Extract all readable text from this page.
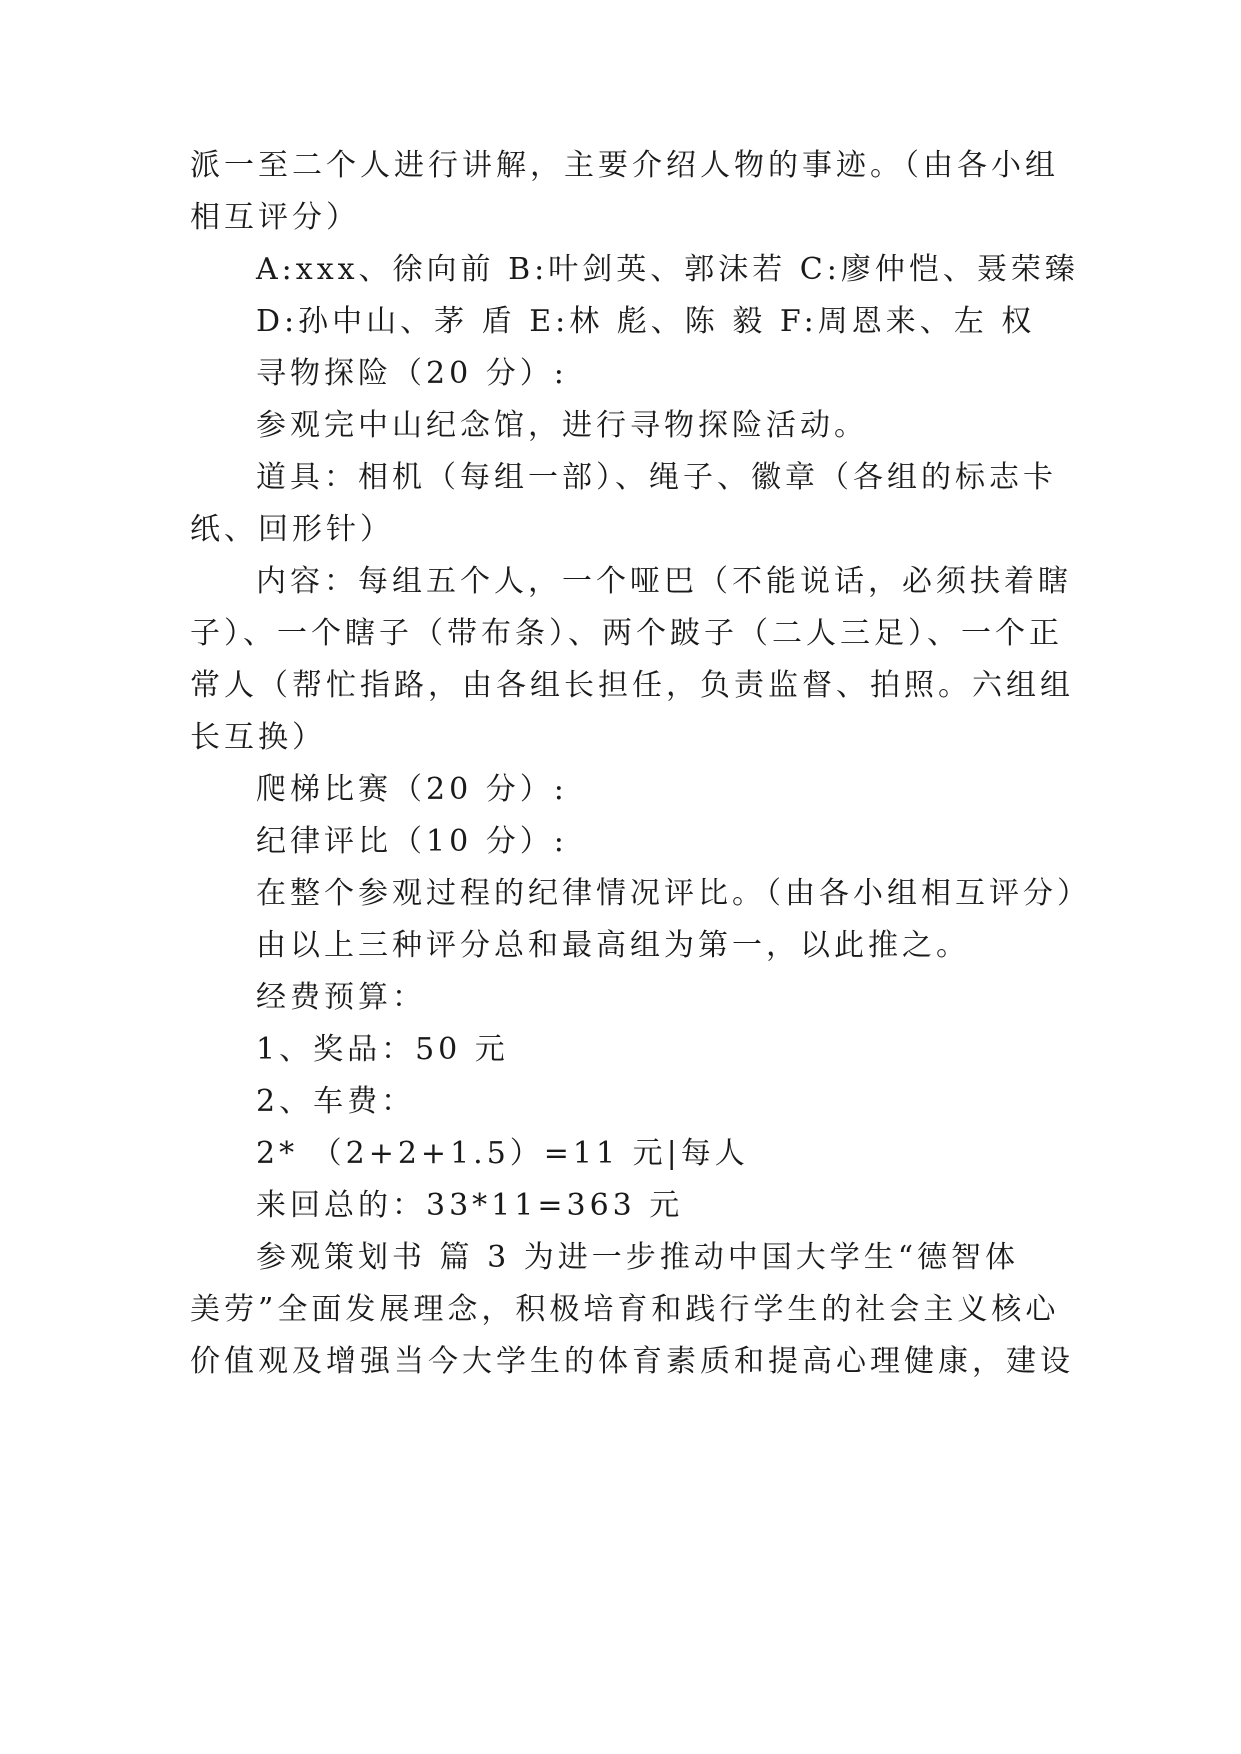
派一至二个人进行讲解，主要介绍人物的事迹。（由各小组
相互评分）
A:xxx、徐向前 B:叶剑英、郭沫若 C:廖仲恺、聂荣臻
D:孙中山、茅 盾 E:林 彪、陈 毅 F:周恩来、左 权
寻物探险（20 分）:
参观完中山纪念馆，进行寻物探险活动。
道具：相机（每组一部）、绳子、徽章（各组的标志卡
纸、回形针）
内容：每组五个人，一个哑巴（不能说话，必须扶着瞎
子）、一个瞎子（带布条）、两个跛子（二人三足）、一个正
常人（帮忙指路，由各组长担任，负责监督、拍照。六组组
长互换）
爬梯比赛（20 分）:
纪律评比（10 分）:
在整个参观过程的纪律情况评比。（由各小组相互评分）
由以上三种评分总和最高组为第一，以此推之。
经费预算：
1、奖品：50 元
2、车费：
2* （2+2+1.5）=11 元|每人
来回总的：33*11=363 元
参观策划书 篇 3 为进一步推动中国大学生“德智体
美劳”全面发展理念，积极培育和践行学生的社会主义核心
价值观及增强当今大学生的体育素质和提高心理健康，建设
